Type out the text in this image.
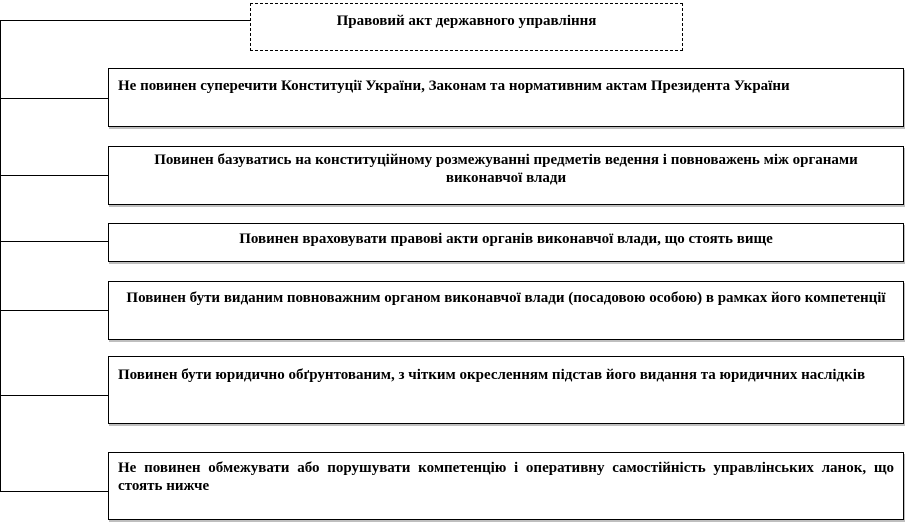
Правовий акт державного управління
Не повинен суперечити Конституції України, Законам та нормативним актам Президента України
Повинен базуватись на конституційному розмежуванні предметів ведення і повноважень між органами виконавчої влади
Повинен враховувати правові акти органів виконавчої влади, що стоять вище
Повинен бути виданим повноважним органом виконавчої влади (посадовою особою) в рамках його компетенції
Повинен бути юридично обґрунтованим, з чітким окресленням підстав його видання та юридичних наслідків
Не повинен обмежувати або порушувати компетенцію і оперативну самостійність управлінських ланок, що стоять нижче
